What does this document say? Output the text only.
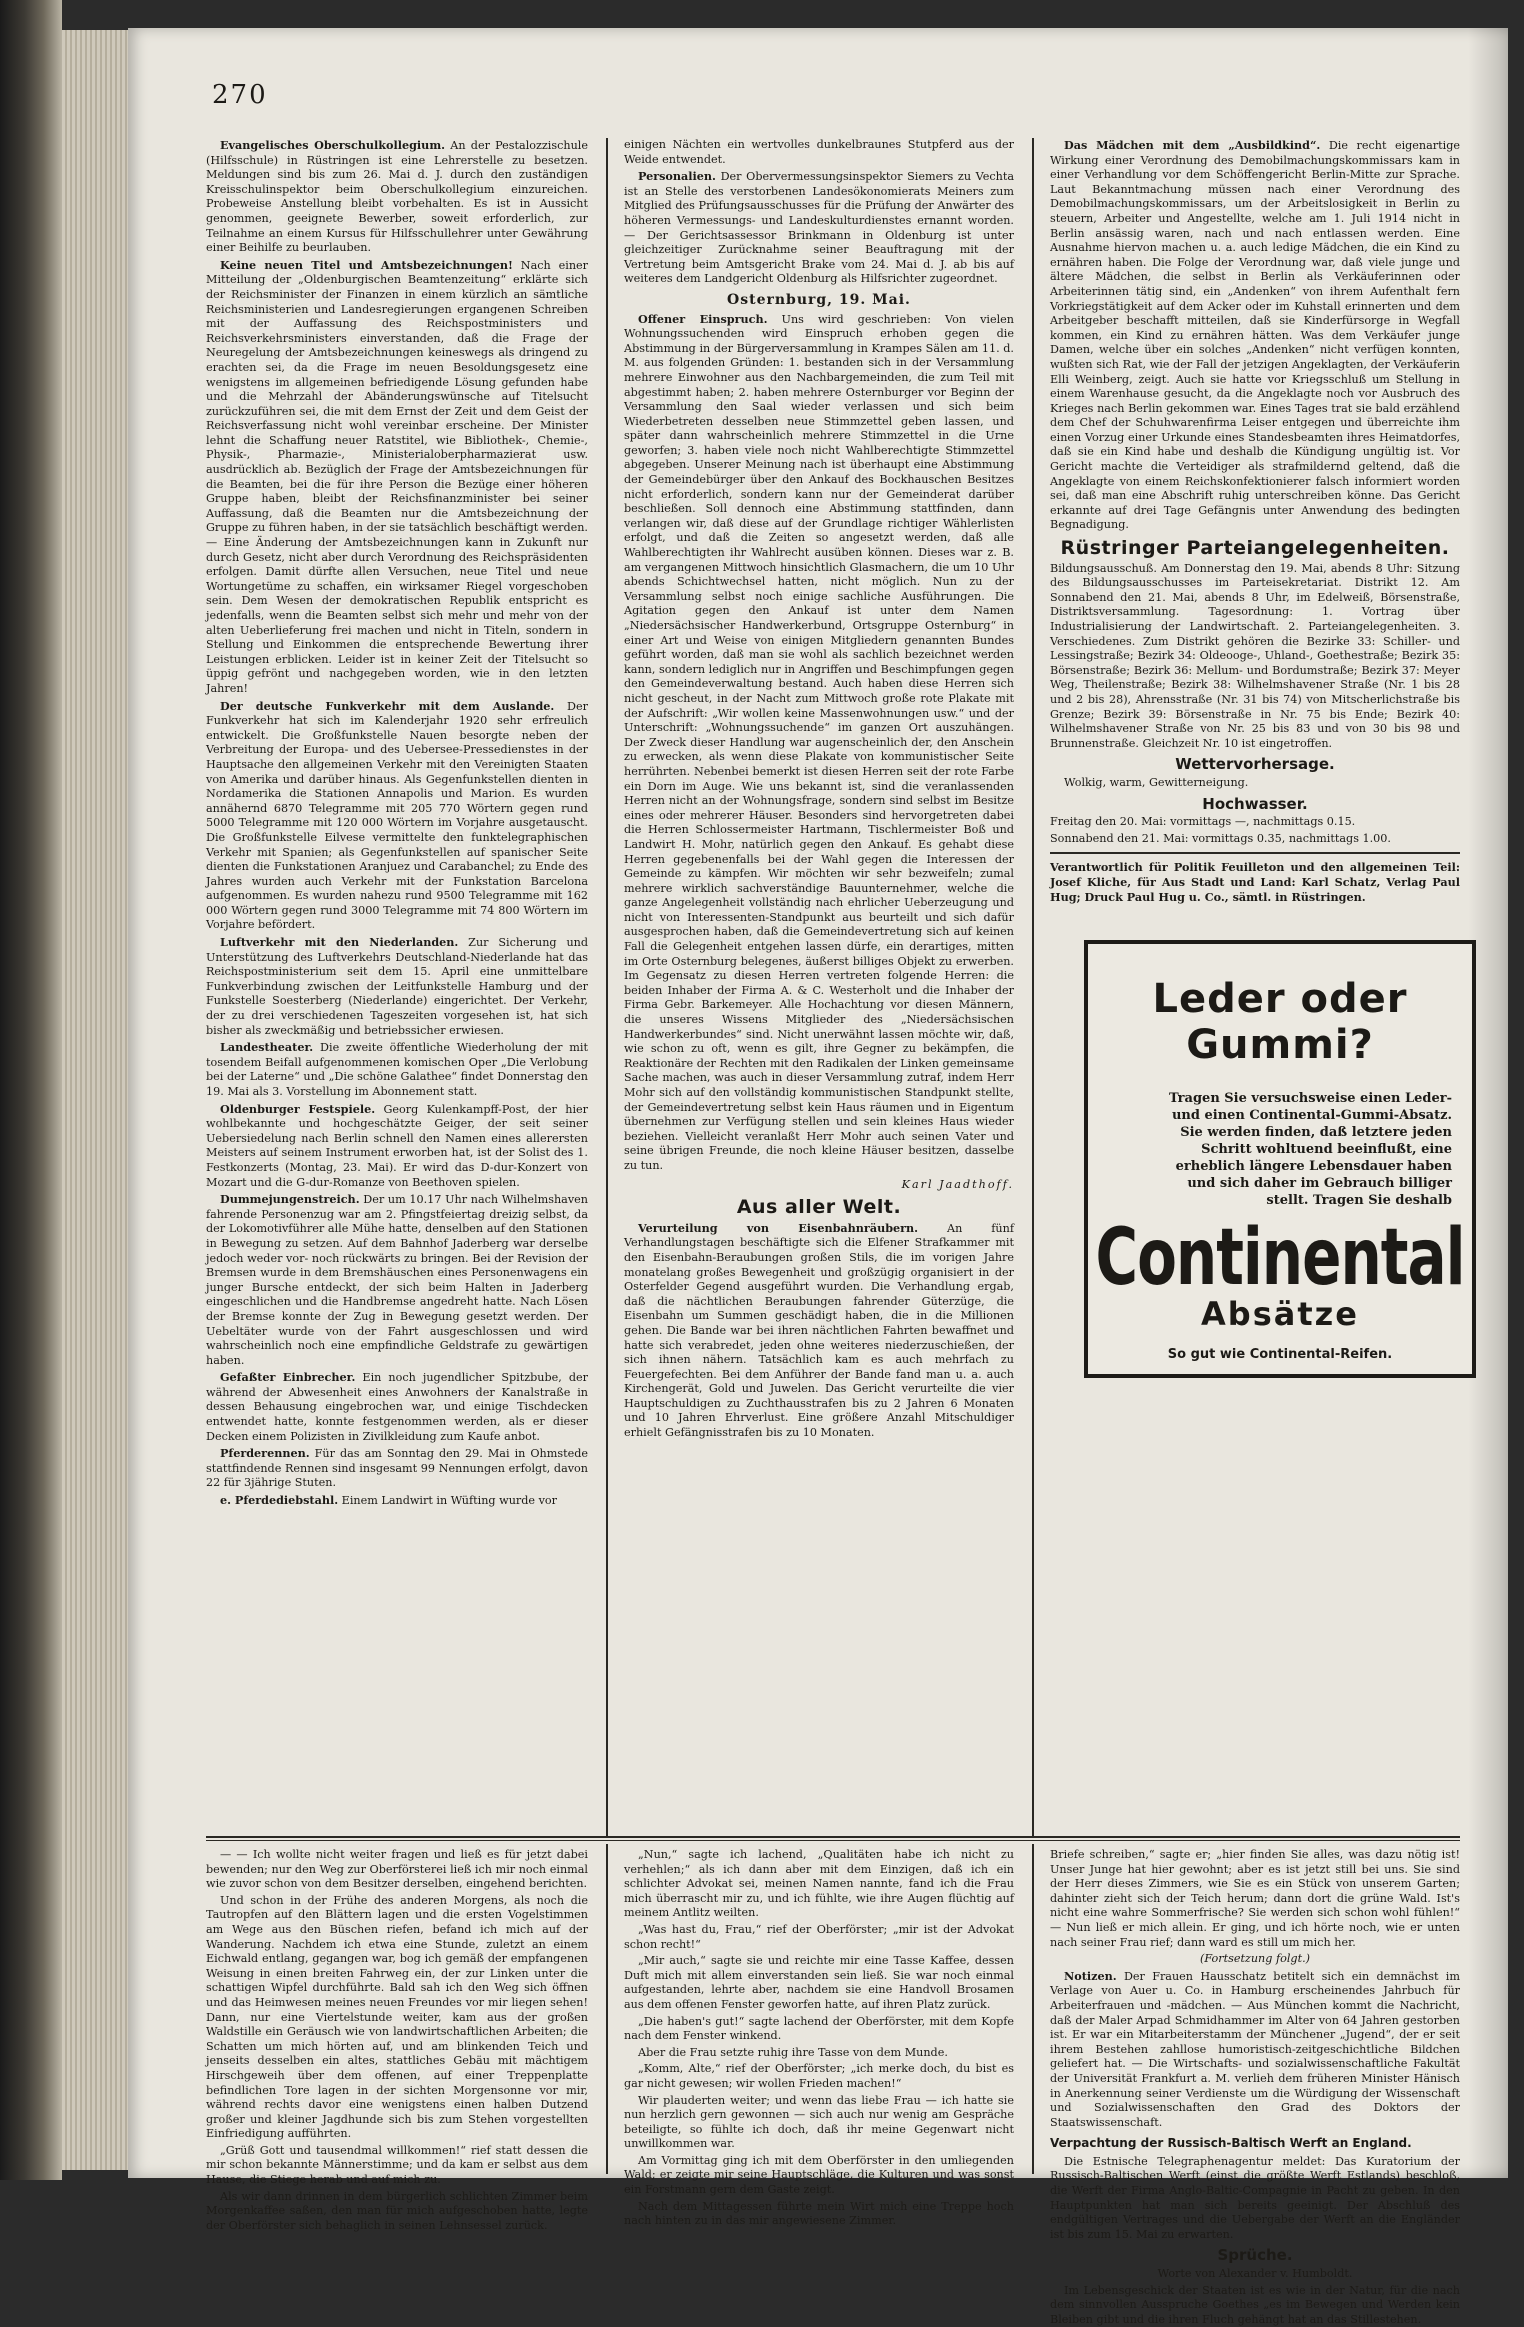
270

Evangelisches Oberschulkollegium. An der Pestalozzischule (Hilfsschule) in Rüstringen ist eine Lehrerstelle zu besetzen. Meldungen sind bis zum 26. Mai d. J. durch den zuständigen Kreisschulinspektor beim Oberschulkollegium einzureichen. Probeweise Anstellung bleibt vorbehalten. Es ist in Aussicht genommen, geeignete Bewerber, soweit erforderlich, zur Teilnahme an einem Kursus für Hilfsschullehrer unter Gewährung einer Beihilfe zu beurlauben.

Keine neuen Titel und Amtsbezeichnungen! Nach einer Mitteilung der „Oldenburgischen Beamtenzeitung“ erklärte sich der Reichsminister der Finanzen in einem kürzlich an sämtliche Reichsministerien und Landesregierungen ergangenen Schreiben mit der Auffassung des Reichspostministers und Reichsverkehrsministers einverstanden, daß die Frage der Neuregelung der Amtsbezeichnungen keineswegs als dringend zu erachten sei, da die Frage im neuen Besoldungsgesetz eine wenigstens im allgemeinen befriedigende Lösung gefunden habe und die Mehrzahl der Abänderungswünsche auf Titelsucht zurückzuführen sei, die mit dem Ernst der Zeit und dem Geist der Reichsverfassung nicht wohl vereinbar erscheine. Der Minister lehnt die Schaffung neuer Ratstitel, wie Bibliothek-, Chemie-, Physik-, Pharmazie-, Ministerialoberpharmazierat usw. ausdrücklich ab. Bezüglich der Frage der Amtsbezeichnungen für die Beamten, bei die für ihre Person die Bezüge einer höheren Gruppe haben, bleibt der Reichsfinanzminister bei seiner Auffassung, daß die Beamten nur die Amtsbezeichnung der Gruppe zu führen haben, in der sie tatsächlich beschäftigt werden. — Eine Änderung der Amtsbezeichnungen kann in Zukunft nur durch Gesetz, nicht aber durch Verordnung des Reichspräsidenten erfolgen. Damit dürfte allen Versuchen, neue Titel und neue Wortungetüme zu schaffen, ein wirksamer Riegel vorgeschoben sein. Dem Wesen der demokratischen Republik entspricht es jedenfalls, wenn die Beamten selbst sich mehr und mehr von der alten Ueberlieferung frei machen und nicht in Titeln, sondern in Stellung und Einkommen die entsprechende Bewertung ihrer Leistungen erblicken. Leider ist in keiner Zeit der Titelsucht so üppig gefrönt und nachgegeben worden, wie in den letzten Jahren!

Der deutsche Funkverkehr mit dem Auslande. Der Funkverkehr hat sich im Kalenderjahr 1920 sehr erfreulich entwickelt. Die Großfunkstelle Nauen besorgte neben der Verbreitung der Europa- und des Uebersee-Pressedienstes in der Hauptsache den allgemeinen Verkehr mit den Vereinigten Staaten von Amerika und darüber hinaus. Als Gegenfunkstellen dienten in Nordamerika die Stationen Annapolis und Marion. Es wurden annähernd 6870 Telegramme mit 205 770 Wörtern gegen rund 5000 Telegramme mit 120 000 Wörtern im Vorjahre ausgetauscht. Die Großfunkstelle Eilvese vermittelte den funktelegraphischen Verkehr mit Spanien; als Gegenfunkstellen auf spanischer Seite dienten die Funkstationen Aranjuez und Carabanchel; zu Ende des Jahres wurden auch Verkehr mit der Funkstation Barcelona aufgenommen. Es wurden nahezu rund 9500 Telegramme mit 162 000 Wörtern gegen rund 3000 Telegramme mit 74 800 Wörtern im Vorjahre befördert.

Luftverkehr mit den Niederlanden. Zur Sicherung und Unterstützung des Luftverkehrs Deutschland-Niederlande hat das Reichspostministerium seit dem 15. April eine unmittelbare Funkverbindung zwischen der Leitfunkstelle Hamburg und der Funkstelle Soesterberg (Niederlande) eingerichtet. Der Verkehr, der zu drei verschiedenen Tageszeiten vorgesehen ist, hat sich bisher als zweckmäßig und betriebssicher erwiesen.

Landestheater. Die zweite öffentliche Wiederholung der mit tosendem Beifall aufgenommenen komischen Oper „Die Verlobung bei der Laterne“ und „Die schöne Galathee“ findet Donnerstag den 19. Mai als 3. Vorstellung im Abonnement statt.

Oldenburger Festspiele. Georg Kulenkampff-Post, der hier wohlbekannte und hochgeschätzte Geiger, der seit seiner Uebersiedelung nach Berlin schnell den Namen eines allerersten Meisters auf seinem Instrument erworben hat, ist der Solist des 1. Festkonzerts (Montag, 23. Mai). Er wird das D-dur-Konzert von Mozart und die G-dur-Romanze von Beethoven spielen.

Dummejungenstreich. Der um 10.17 Uhr nach Wilhelmshaven fahrende Personenzug war am 2. Pfingstfeiertag dreizig selbst, da der Lokomotivführer alle Mühe hatte, denselben auf den Stationen in Bewegung zu setzen. Auf dem Bahnhof Jaderberg war derselbe jedoch weder vor- noch rückwärts zu bringen. Bei der Revision der Bremsen wurde in dem Bremshäuschen eines Personenwagens ein junger Bursche entdeckt, der sich beim Halten in Jaderberg eingeschlichen und die Handbremse angedreht hatte. Nach Lösen der Bremse konnte der Zug in Bewegung gesetzt werden. Der Uebeltäter wurde von der Fahrt ausgeschlossen und wird wahrscheinlich noch eine empfindliche Geldstrafe zu gewärtigen haben.

Gefaßter Einbrecher. Ein noch jugendlicher Spitzbube, der während der Abwesenheit eines Anwohners der Kanalstraße in dessen Behausung eingebrochen war, und einige Tischdecken entwendet hatte, konnte festgenommen werden, als er dieser Decken einem Polizisten in Zivilkleidung zum Kaufe anbot.

Pferderennen. Für das am Sonntag den 29. Mai in Ohmstede stattfindende Rennen sind insgesamt 99 Nennungen erfolgt, davon 22 für 3jährige Stuten.

e. Pferdediebstahl. Einem Landwirt in Wüfting wurde vor

einigen Nächten ein wertvolles dunkelbraunes Stutpferd aus der Weide entwendet.

Personalien. Der Obervermessungsinspektor Siemers zu Vechta ist an Stelle des verstorbenen Landesökonomierats Meiners zum Mitglied des Prüfungsausschusses für die Prüfung der Anwärter des höheren Vermessungs- und Landeskulturdienstes ernannt worden. — Der Gerichtsassessor Brinkmann in Oldenburg ist unter gleichzeitiger Zurücknahme seiner Beauftragung mit der Vertretung beim Amtsgericht Brake vom 24. Mai d. J. ab bis auf weiteres dem Landgericht Oldenburg als Hilfsrichter zugeordnet.

Osternburg, 19. Mai.

Offener Einspruch. Uns wird geschrieben: Von vielen Wohnungssuchenden wird Einspruch erhoben gegen die Abstimmung in der Bürgerversammlung in Krampes Sälen am 11. d. M. aus folgenden Gründen: 1. bestanden sich in der Versammlung mehrere Einwohner aus den Nachbargemeinden, die zum Teil mit abgestimmt haben; 2. haben mehrere Osternburger vor Beginn der Versammlung den Saal wieder verlassen und sich beim Wiederbetreten desselben neue Stimmzettel geben lassen, und später dann wahrscheinlich mehrere Stimmzettel in die Urne geworfen; 3. haben viele noch nicht Wahlberechtigte Stimmzettel abgegeben. Unserer Meinung nach ist überhaupt eine Abstimmung der Gemeindebürger über den Ankauf des Bockhauschen Besitzes nicht erforderlich, sondern kann nur der Gemeinderat darüber beschließen. Soll dennoch eine Abstimmung stattfinden, dann verlangen wir, daß diese auf der Grundlage richtiger Wählerlisten erfolgt, und daß die Zeiten so angesetzt werden, daß alle Wahlberechtigten ihr Wahlrecht ausüben können. Dieses war z. B. am vergangenen Mittwoch hinsichtlich Glasmachern, die um 10 Uhr abends Schichtwechsel hatten, nicht möglich. Nun zu der Versammlung selbst noch einige sachliche Ausführungen. Die Agitation gegen den Ankauf ist unter dem Namen „Niedersächsischer Handwerkerbund, Ortsgruppe Osternburg“ in einer Art und Weise von einigen Mitgliedern genannten Bundes geführt worden, daß man sie wohl als sachlich bezeichnet werden kann, sondern lediglich nur in Angriffen und Beschimpfungen gegen den Gemeindeverwaltung bestand. Auch haben diese Herren sich nicht gescheut, in der Nacht zum Mittwoch große rote Plakate mit der Aufschrift: „Wir wollen keine Massenwohnungen usw.“ und der Unterschrift: „Wohnungssuchende“ im ganzen Ort auszuhängen. Der Zweck dieser Handlung war augenscheinlich der, den Anschein zu erwecken, als wenn diese Plakate von kommunistischer Seite herrührten. Nebenbei bemerkt ist diesen Herren seit der rote Farbe ein Dorn im Auge. Wie uns bekannt ist, sind die veranlassenden Herren nicht an der Wohnungsfrage, sondern sind selbst im Besitze eines oder mehrerer Häuser. Besonders sind hervorgetreten dabei die Herren Schlossermeister Hartmann, Tischlermeister Boß und Landwirt H. Mohr, natürlich gegen den Ankauf. Es gehabt diese Herren gegebenenfalls bei der Wahl gegen die Interessen der Gemeinde zu kämpfen. Wir möchten wir sehr bezweifeln; zumal mehrere wirklich sachverständige Bauunternehmer, welche die ganze Angelegenheit vollständig nach ehrlicher Ueberzeugung und nicht von Interessenten-Standpunkt aus beurteilt und sich dafür ausgesprochen haben, daß die Gemeindevertretung sich auf keinen Fall die Gelegenheit entgehen lassen dürfe, ein derartiges, mitten im Orte Osternburg belegenes, äußerst billiges Objekt zu erwerben. Im Gegensatz zu diesen Herren vertreten folgende Herren: die beiden Inhaber der Firma A. & C. Westerholt und die Inhaber der Firma Gebr. Barkemeyer. Alle Hochachtung vor diesen Männern, die unseres Wissens Mitglieder des „Niedersächsischen Handwerkerbundes“ sind. Nicht unerwähnt lassen möchte wir, daß, wie schon zu oft, wenn es gilt, ihre Gegner zu bekämpfen, die Reaktionäre der Rechten mit den Radikalen der Linken gemeinsame Sache machen, was auch in dieser Versammlung zutraf, indem Herr Mohr sich auf den vollständig kommunistischen Standpunkt stellte, der Gemeindevertretung selbst kein Haus räumen und in Eigentum übernehmen zur Verfügung stellen und sein kleines Haus wieder beziehen. Vielleicht veranlaßt Herr Mohr auch seinen Vater und seine übrigen Freunde, die noch kleine Häuser besitzen, dasselbe zu tun.

Karl Jaadthoff.
Aus aller Welt.

Verurteilung von Eisenbahnräubern.	An fünf Verhandlungstagen beschäftigte sich die Elfener Strafkammer mit den Eisenbahn-Beraubungen großen Stils, die im vorigen Jahre monatelang großes Bewegenheit und großzügig organisiert in der Osterfelder Gegend ausgeführt wurden. Die Verhandlung ergab, daß die nächtlichen Beraubungen fahrender Güterzüge, die Eisenbahn um Summen geschädigt haben, die in die Millionen gehen. Die Bande war bei ihren nächtlichen Fahrten bewaffnet und hatte sich verabredet, jeden ohne weiteres niederzuschießen, der sich ihnen nähern. Tatsächlich kam es auch mehrfach zu Feuergefechten. Bei dem Anführer der Bande fand man u. a. auch Kirchengerät, Gold und Juwelen. Das Gericht verurteilte die vier Hauptschuldigen zu Zuchthausstrafen bis zu 2 Jahren 6 Monaten und 10 Jahren Ehrverlust. Eine größere Anzahl Mitschuldiger erhielt Gefängnisstrafen bis zu 10 Monaten.

Das Mädchen mit dem „Ausbildkind“. Die recht eigenartige Wirkung einer Verordnung des Demobilmachungskommissars kam in einer Verhandlung vor dem Schöffengericht Berlin-Mitte zur Sprache. Laut Bekanntmachung müssen nach einer Verordnung des Demobilmachungskommissars, um der Arbeitslosigkeit in Berlin zu steuern, Arbeiter und Angestellte, welche am 1. Juli 1914 nicht in Berlin ansässig waren, nach und nach entlassen werden. Eine Ausnahme hiervon machen u. a. auch ledige Mädchen, die ein Kind zu ernähren haben. Die Folge der Verordnung war, daß viele junge und ältere Mädchen, die selbst in Berlin als Verkäuferinnen oder Arbeiterinnen tätig sind, ein „Andenken“ von ihrem Aufenthalt fern Vorkriegstätigkeit auf dem Acker oder im Kuhstall erinnerten und dem Arbeitgeber beschafft mitteilen, daß sie Kinderfürsorge in Wegfall kommen, ein Kind zu ernähren hätten. Was dem Verkäufer junge Damen, welche über ein solches „Andenken“ nicht verfügen konnten, wußten sich Rat, wie der Fall der jetzigen Angeklagten, der Verkäuferin Elli Weinberg, zeigt. Auch sie hatte vor Kriegsschluß um Stellung in einem Warenhause gesucht, da die Angeklagte noch vor Ausbruch des Krieges nach Berlin gekommen war. Eines Tages trat sie bald erzählend dem Chef der Schuhwarenfirma Leiser entgegen und überreichte ihm einen Vorzug einer Urkunde eines Standesbeamten ihres Heimatdorfes, daß sie ein Kind habe und deshalb die Kündigung ungültig ist. Vor Gericht machte die Verteidiger als strafmildernd geltend, daß die Angeklagte von einem Reichskonfektionierer falsch informiert worden sei, daß man eine Abschrift ruhig unterschreiben könne. Das Gericht erkannte auf drei Tage Gefängnis unter Anwendung des bedingten Begnadigung.

Rüstringer Parteiangelegenheiten.

Bildungsausschuß. Am Donnerstag den 19. Mai, abends 8 Uhr: Sitzung des Bildungsausschusses im Parteisekretariat. Distrikt 12. Am Sonnabend den 21. Mai, abends 8 Uhr, im Edelweiß, Börsenstraße, Distriktsversammlung. Tagesordnung: 1. Vortrag über Industrialisierung der Landwirtschaft. 2. Parteiangelegenheiten. 3. Verschiedenes. Zum Distrikt gehören die Bezirke 33: Schiller- und Lessingstraße; Bezirk 34: Oldeooge-, Uhland-, Goethestraße; Bezirk 35: Börsenstraße; Bezirk 36: Mellum- und Bordumstraße; Bezirk 37: Meyer Weg, Theilenstraße; Bezirk 38: Wilhelmshavener Straße (Nr. 1 bis 28 und 2 bis 28), Ahrensstraße (Nr. 31 bis 74) von Mitscherlichstraße bis Grenze; Bezirk 39: Börsenstraße in Nr. 75 bis Ende; Bezirk 40: Wilhelmshavener Straße von Nr. 25 bis 83 und von 30 bis 98 und Brunnenstraße. Gleichzeit Nr. 10 ist eingetroffen.

Wettervorhersage.

Wolkig, warm, Gewitterneigung.

Hochwasser.

Freitag den 20. Mai: vormittags —, nachmittags 0.15.

Sonnabend den 21. Mai: vormittags 0.35, nachmittags 1.00.

Verantwortlich für Politik Feuilleton und den allgemeinen Teil: Josef Kliche, für Aus Stadt und Land: Karl Schatz, Verlag Paul Hug; Druck Paul Hug u. Co., sämtl. in Rüstringen.

Leder oder Gummi?
Tragen Sie versuchsweise einen Leder- und einen Continental-Gummi-Absatz. Sie werden finden, daß letztere jeden Schritt wohltuend beeinflußt, eine erheblich längere Lebensdauer haben und sich daher im Gebrauch billiger stellt. Tragen Sie deshalb
Continental
Absätze
So gut wie Continental-Reifen.

— — Ich wollte nicht weiter fragen und ließ es für jetzt dabei bewenden; nur den Weg zur Oberförsterei ließ ich mir noch einmal wie zuvor schon von dem Besitzer derselben, eingehend berichten.

Und schon in der Frühe des anderen Morgens, als noch die Tautropfen auf den Blättern lagen und die ersten Vogelstimmen am Wege aus den Büschen riefen, befand ich mich auf der Wanderung. Nachdem ich etwa eine Stunde, zuletzt an einem Eichwald entlang, gegangen war, bog ich gemäß der empfangenen Weisung in einen breiten Fahrweg ein, der zur Linken unter die schattigen Wipfel durchführte. Bald sah ich den Weg sich öffnen und das Heimwesen meines neuen Freundes vor mir liegen sehen! Dann, nur eine Viertelstunde weiter, kam aus der großen Waldstille ein Geräusch wie von landwirtschaftlichen Arbeiten; die Schatten um mich hörten auf, und am blinkenden Teich und jenseits desselben ein altes, stattliches Gebäu mit mächtigem Hirschgeweih über dem offenen, auf einer Treppenplatte befindlichen Tore lagen in der sichten Morgensonne vor mir, während rechts davor eine wenigstens einen halben Dutzend großer und kleiner Jagdhunde sich bis zum Stehen vorgestellten Einfriedigung aufführten.

„Grüß Gott und tausendmal willkommen!“ rief statt dessen die mir schon bekannte Männerstimme; und da kam er selbst aus dem Hause, die Stiege herab und auf mich zu.

Als wir dann drinnen in dem bürgerlich schlichten Zimmer beim Morgenkaffee saßen, den man für mich aufgeschoben hatte, legte der Oberförster sich behaglich in seinen Lehnsessel zurück.

„Nun,“ sagte ich lachend, „Qualitäten habe ich nicht zu verhehlen;“ als ich dann aber mit dem Einzigen, daß ich ein schlichter Advokat sei, meinen Namen nannte, fand ich die Frau mich überrascht mir zu, und ich fühlte, wie ihre Augen flüchtig auf meinem Antlitz weilten.

„Was hast du, Frau,“ rief der Oberförster; „mir ist der Advokat schon recht!“

„Mir auch,“ sagte sie und reichte mir eine Tasse Kaffee, dessen Duft mich mit allem einverstanden sein ließ. Sie war noch einmal aufgestanden, lehrte aber, nachdem sie eine Handvoll Brosamen aus dem offenen Fenster geworfen hatte, auf ihren Platz zurück.

„Die haben's gut!“ sagte lachend der Oberförster, mit dem Kopfe nach dem Fenster winkend.

Aber die Frau setzte ruhig ihre Tasse von dem Munde.

„Komm, Alte,“ rief der Oberförster; „ich merke doch, du bist es gar nicht gewesen; wir wollen Frieden machen!“

Wir plauderten weiter; und wenn das liebe Frau — ich hatte sie nun herzlich gern gewonnen — sich auch nur wenig am Gespräche beteiligte, so fühlte ich doch, daß ihr meine Gegenwart nicht unwillkommen war.

Am Vormittag ging ich mit dem Oberförster in den umliegenden Wald; er zeigte mir seine Hauptschläge, die Kulturen und was sonst ein Forstmann gern dem Gaste zeigt.

Nach dem Mittagessen führte mein Wirt mich eine Treppe hoch nach hinten zu in das mir angewiesene Zimmer.

Briefe schreiben,“ sagte er; „hier finden Sie alles, was dazu nötig ist! Unser Junge hat hier gewohnt; aber es ist jetzt still bei uns. Sie sind der Herr dieses Zimmers, wie Sie es ein Stück von unserem Garten; dahinter zieht sich der Teich herum; dann dort die grüne Wald. Ist's nicht eine wahre Sommerfrische? Sie werden sich schon wohl fühlen!“ — Nun ließ er mich allein. Er ging, und ich hörte noch, wie er unten nach seiner Frau rief; dann ward es still um mich her.

(Fortsetzung folgt.)

Notizen. Der Frauen Hausschatz betitelt sich ein demnächst im Verlage von Auer u. Co. in Hamburg erscheinendes Jahrbuch für Arbeiterfrauen und -mädchen. — Aus München kommt die Nachricht, daß der Maler Arpad Schmidhammer im Alter von 64 Jahren gestorben ist. Er war ein Mitarbeiterstamm der Münchener „Jugend“, der er seit ihrem Bestehen zahllose humoristisch-zeitgeschichtliche Bildchen geliefert hat. — Die Wirtschafts- und sozialwissenschaftliche Fakultät der Universität Frankfurt a. M. verlieh dem früheren Minister Hänisch in Anerkennung seiner Verdienste um die Würdigung der Wissenschaft und Sozialwissenschaften den Grad des Doktors der Staatswissenschaft.

Verpachtung der Russisch-Baltisch Werft an England.

Die Estnische Telegraphenagentur meldet: Das Kuratorium der Russisch-Baltischen Werft (einst die größte Werft Estlands) beschloß, die Werft der Firma Anglo-Baltic-Compagnie in Pacht zu geben. In den Hauptpunkten hat man sich bereits geeinigt. Der Abschluß des endgültigen Vertrages und die Uebergabe der Werft an die Engländer ist bis zum 15. Mai zu erwarten.

Sprüche.

Worte von Alexander v. Humboldt.

Im Lebensgeschick der Staaten ist es wie in der Natur, für die nach dem sinnvollen Ausspruche Goethes „es im Bewegen und Werden kein Bleiben gibt und die ihren Fluch gehängt hat an das Stillestehen.
